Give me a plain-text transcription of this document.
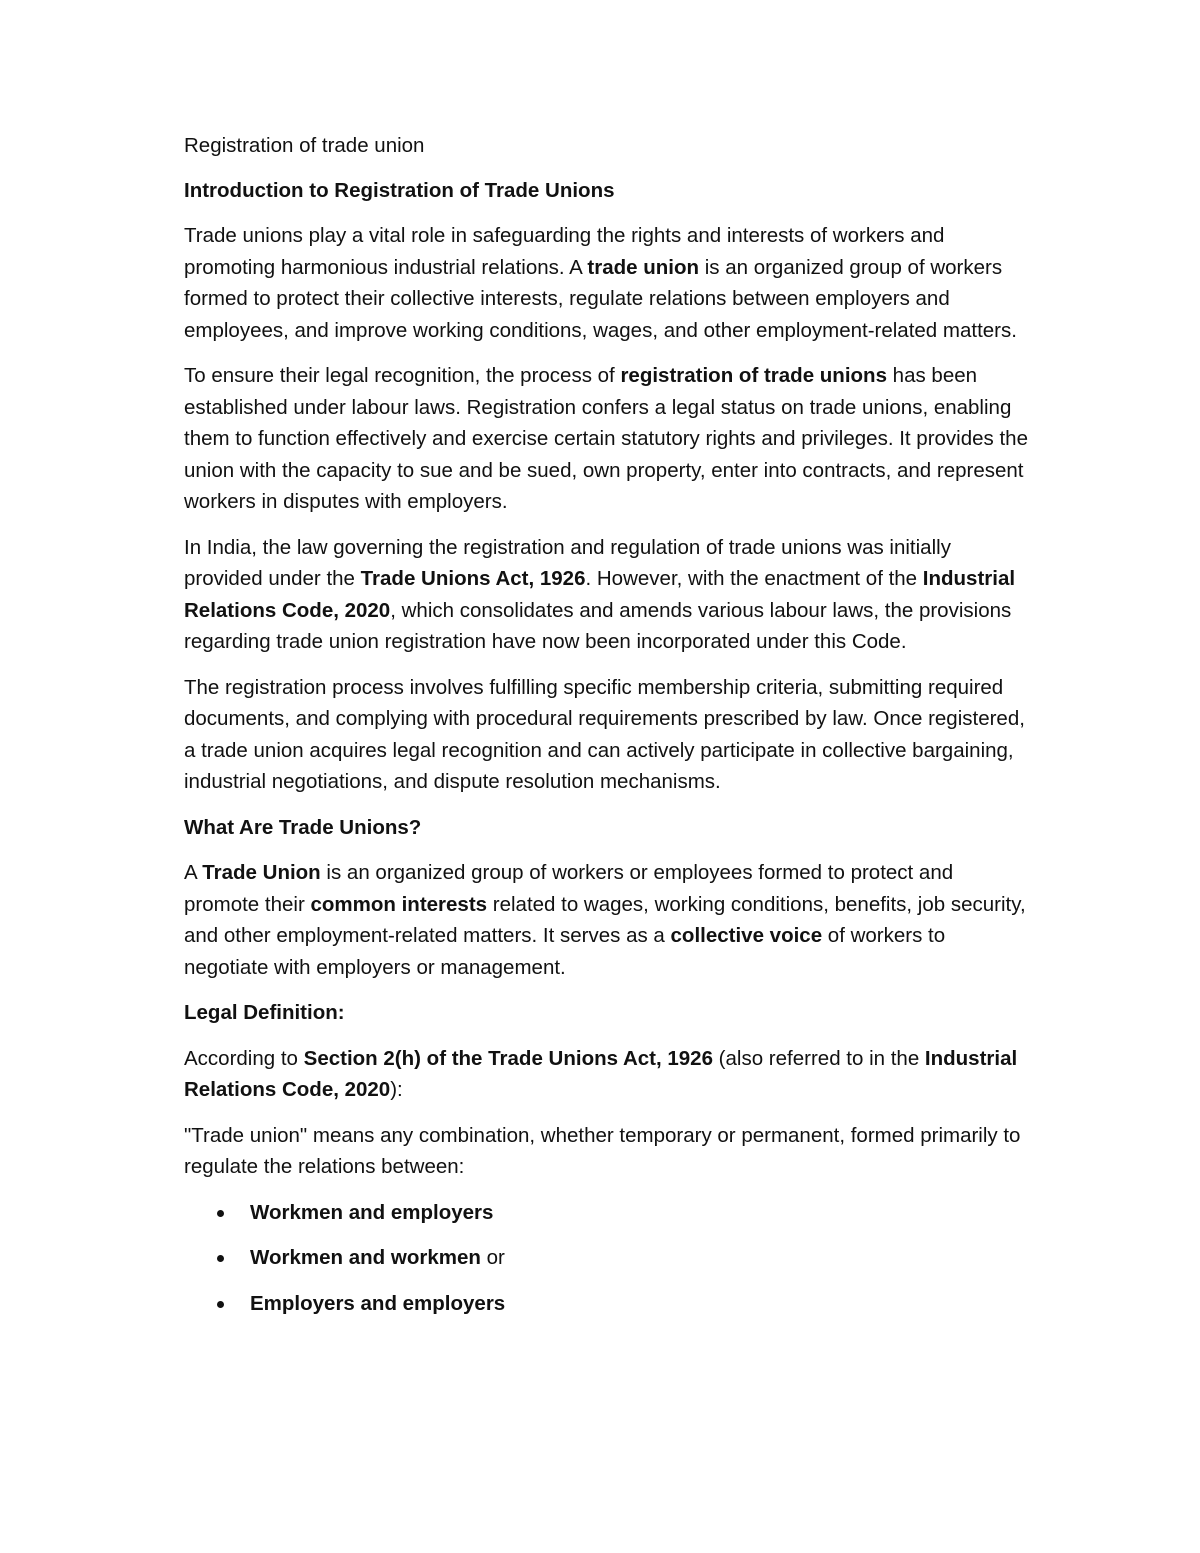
Registration of trade union

Introduction to Registration of Trade Unions

Trade unions play a vital role in safeguarding the rights and interests of workers and promoting harmonious industrial relations. A trade union is an organized group of workers formed to protect their collective interests, regulate relations between employers and employees, and improve working conditions, wages, and other employment-related matters.

To ensure their legal recognition, the process of registration of trade unions has been established under labour laws. Registration confers a legal status on trade unions, enabling them to function effectively and exercise certain statutory rights and privileges. It provides the union with the capacity to sue and be sued, own property, enter into contracts, and represent workers in disputes with employers.

In India, the law governing the registration and regulation of trade unions was initially provided under the Trade Unions Act, 1926. However, with the enactment of the Industrial Relations Code, 2020, which consolidates and amends various labour laws, the provisions regarding trade union registration have now been incorporated under this Code.

The registration process involves fulfilling specific membership criteria, submitting required documents, and complying with procedural requirements prescribed by law. Once registered, a trade union acquires legal recognition and can actively participate in collective bargaining, industrial negotiations, and dispute resolution mechanisms.

What Are Trade Unions?

A Trade Union is an organized group of workers or employees formed to protect and promote their common interests related to wages, working conditions, benefits, job security, and other employment-related matters. It serves as a collective voice of workers to negotiate with employers or management.

Legal Definition:

According to Section 2(h) of the Trade Unions Act, 1926 (also referred to in the Industrial Relations Code, 2020):

"Trade union" means any combination, whether temporary or permanent, formed primarily to regulate the relations between:

Workmen and employers
Workmen and workmen or
Employers and employers
